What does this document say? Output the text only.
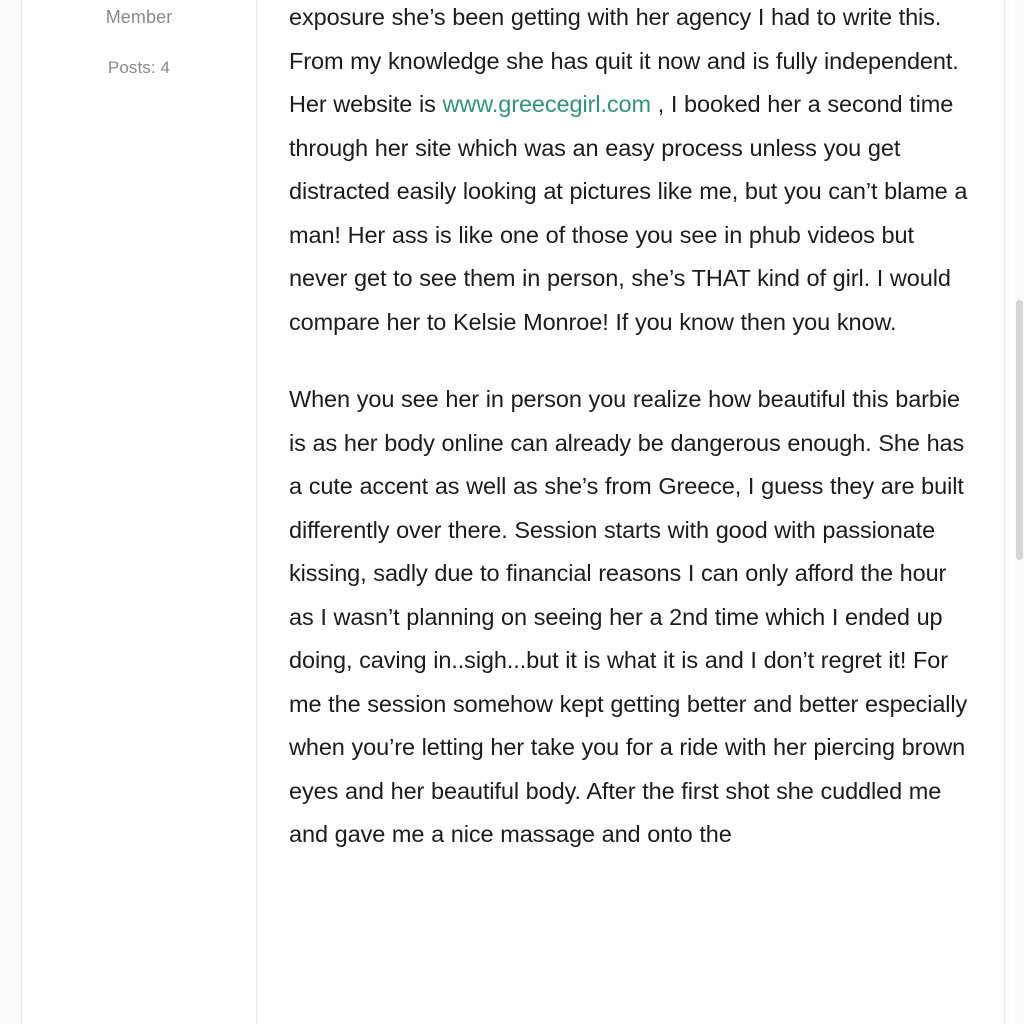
Member
Posts: 4

exposure she’s been getting with her agency I had to write this. From my knowledge she has quit it now and is fully independent. Her website is www.greecegirl.com , I booked her a second time through her site which was an easy process unless you get distracted easily looking at pictures like me, but you can’t blame a man! Her ass is like one of those you see in phub videos but never get to see them in person, she’s THAT kind of girl. I would compare her to Kelsie Monroe! If you know then you know.

When you see her in person you realize how beautiful this barbie is as her body online can already be dangerous enough. She has a cute accent as well as she’s from Greece, I guess they are built differently over there. Session starts with good with passionate kissing, sadly due to financial reasons I can only afford the hour as I wasn’t planning on seeing her a 2nd time which I ended up doing, caving in..sigh...but it is what it is and I don’t regret it! For me the session somehow kept getting better and better especially when you’re letting her take you for a ride with her piercing brown eyes and her beautiful body. After the first shot she cuddled me and gave me a nice massage and onto the
